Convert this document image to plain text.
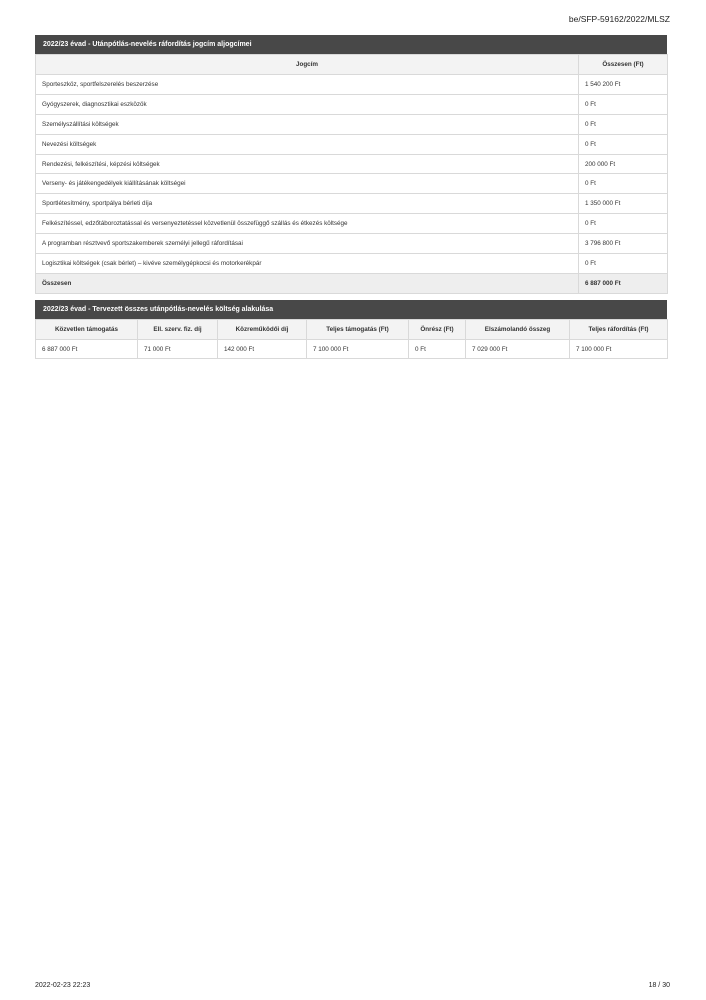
be/SFP-59162/2022/MLSZ
2022/23 évad - Utánpótlás-nevelés ráfordítás jogcím aljogcímei
Jogcím	Összesen (Ft)
Sporteszköz, sportfelszerelés beszerzése	1 540 200 Ft
Gyógyszerek, diagnosztikai eszközök	0 Ft
Személyszállítási költségek	0 Ft
Nevezési költségek	0 Ft
Rendezési, felkészítési, képzési költségek	200 000 Ft
Verseny- és játékengedélyek kiállításának költségei	0 Ft
Sportlétesítmény, sportpálya bérleti díja	1 350 000 Ft
Felkészítéssel, edzőtáboroztatással és versenyeztetéssel közvetlenül összefüggő szállás és étkezés költsége	0 Ft
A programban résztvevő sportszakemberek személyi jellegű ráfordításai	3 796 800 Ft
Logisztikai költségek (csak bérlet) – kivéve személygépkocsi és motorkerékpár	0 Ft
Összesen	6 887 000 Ft
2022/23 évad - Tervezett összes utánpótlás-nevelés költség alakulása
Közvetlen támogatás	Ell. szerv. fiz. díj	Közreműködői díj	Teljes támogatás (Ft)	Önrész (Ft)	Elszámolandó összeg	Teljes ráfordítás (Ft)
6 887 000 Ft	71 000 Ft	142 000 Ft	7 100 000 Ft	0 Ft	7 029 000 Ft	7 100 000 Ft
2022-02-23 22:23	18 / 30
